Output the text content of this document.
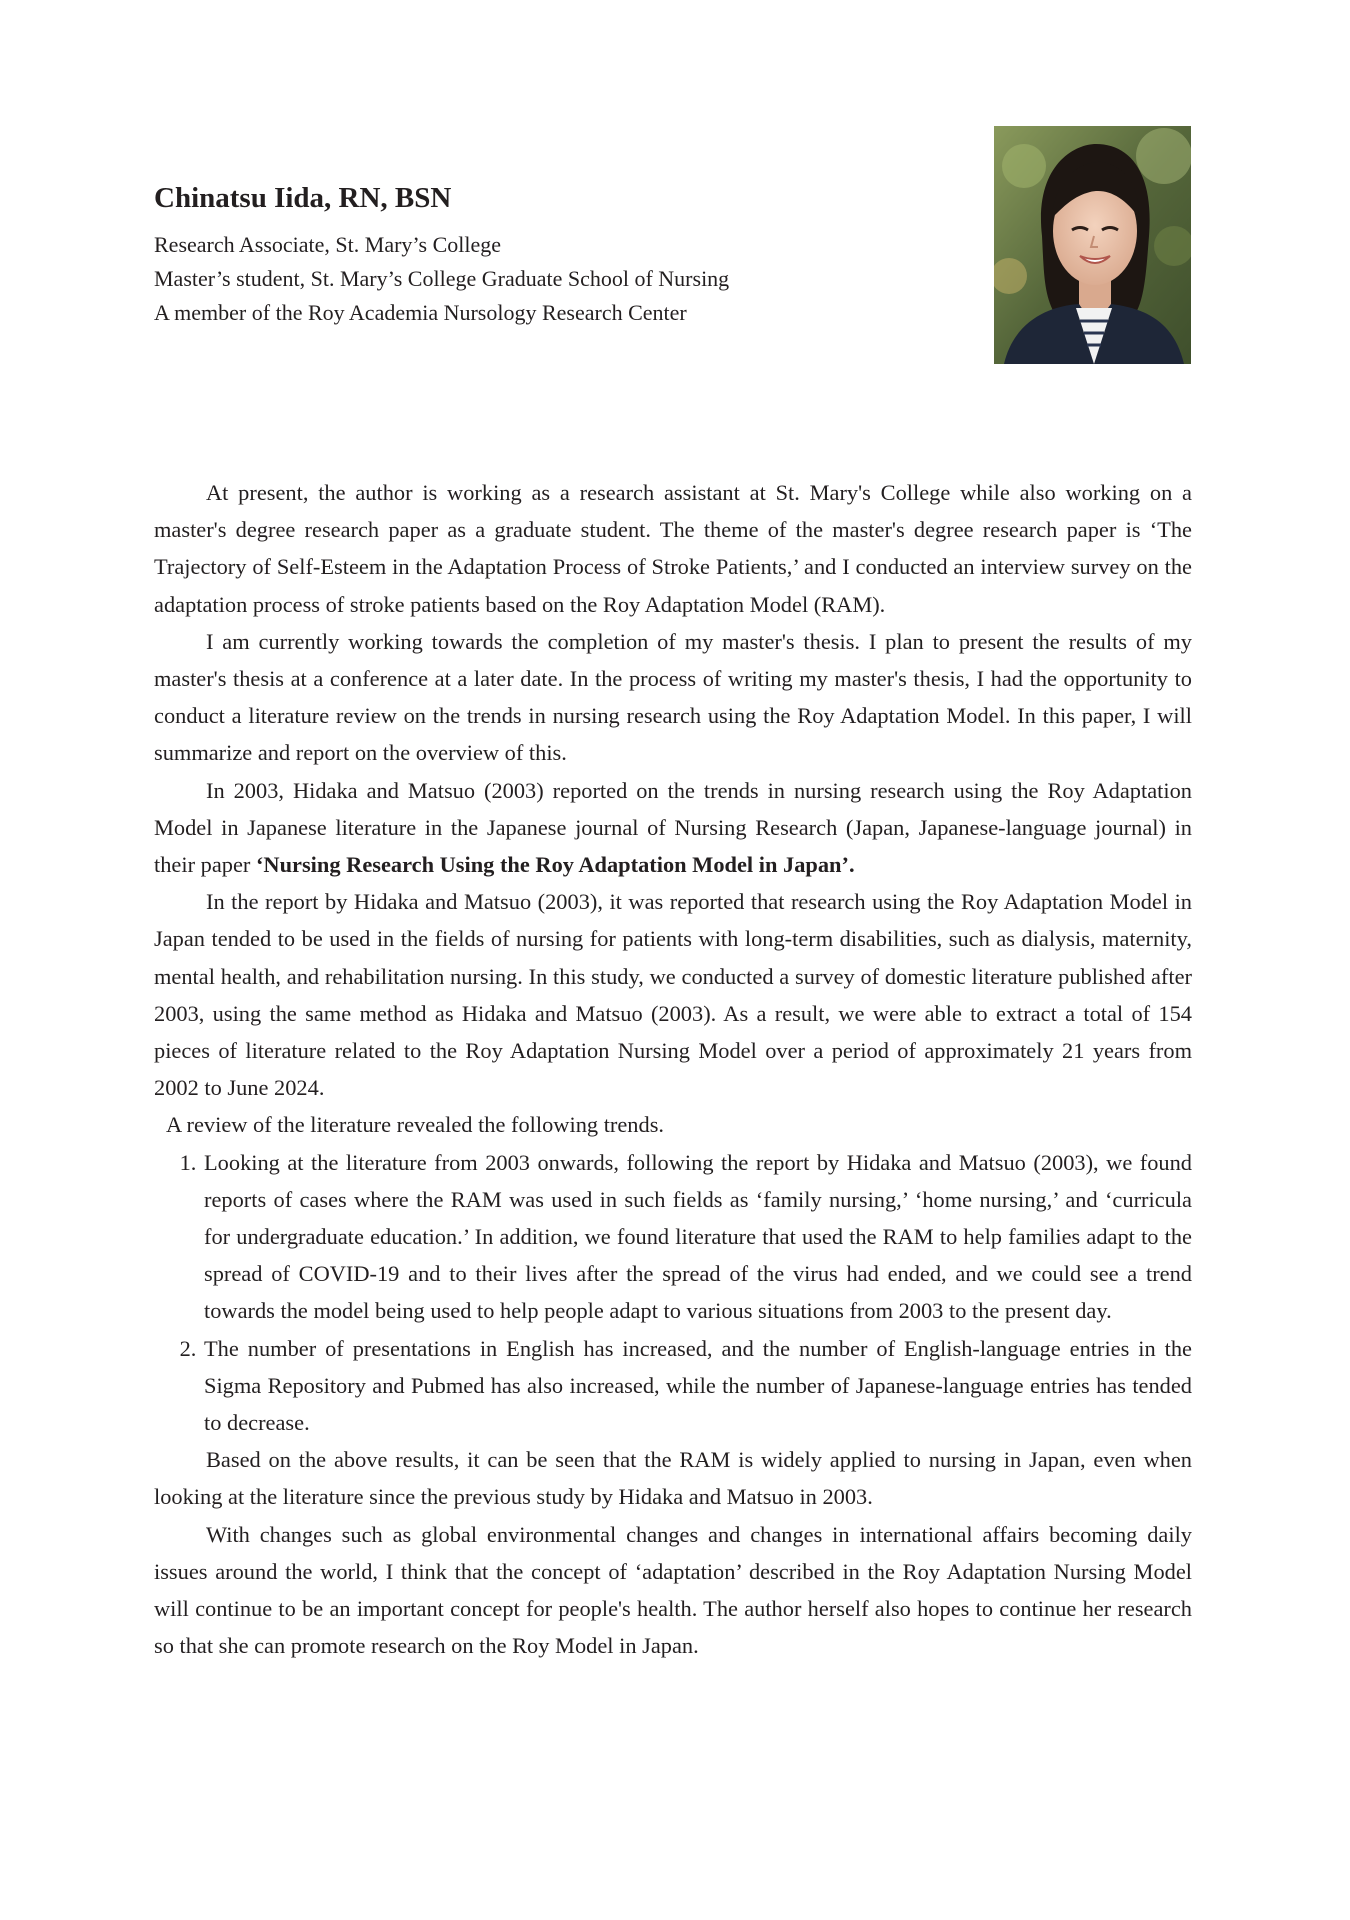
Chinatsu Iida, RN, BSN

Research Associate, St. Mary’s College

Master’s student, St. Mary’s College Graduate School of Nursing

A member of the Roy Academia Nursology Research Center

At present, the author is working as a research assistant at St. Mary's College while also working on a master's degree research paper as a graduate student. The theme of the master's degree research paper is ‘The Trajectory of Self-Esteem in the Adaptation Process of Stroke Patients,’ and I conducted an interview survey on the adaptation process of stroke patients based on the Roy Adaptation Model (RAM).

I am currently working towards the completion of my master's thesis. I plan to present the results of my master's thesis at a conference at a later date. In the process of writing my master's thesis, I had the opportunity to conduct a literature review on the trends in nursing research using the Roy Adaptation Model. In this paper, I will summarize and report on the overview of this.

In 2003, Hidaka and Matsuo (2003) reported on the trends in nursing research using the Roy Adaptation Model in Japanese literature in the Japanese journal of Nursing Research (Japan, Japanese-language journal) in their paper ‘Nursing Research Using the Roy Adaptation Model in Japan’.

In the report by Hidaka and Matsuo (2003), it was reported that research using the Roy Adaptation Model in Japan tended to be used in the fields of nursing for patients with long-term disabilities, such as dialysis, maternity, mental health, and rehabilitation nursing. In this study, we conducted a survey of domestic literature published after 2003, using the same method as Hidaka and Matsuo (2003). As a result, we were able to extract a total of 154 pieces of literature related to the Roy Adaptation Nursing Model over a period of approximately 21 years from 2002 to June 2024.

A review of the literature revealed the following trends.

1. Looking at the literature from 2003 onwards, following the report by Hidaka and Matsuo (2003), we found reports of cases where the RAM was used in such fields as ‘family nursing,’ ‘home nursing,’ and ‘curricula for undergraduate education.’ In addition, we found literature that used the RAM to help families adapt to the spread of COVID-19 and to their lives after the spread of the virus had ended, and we could see a trend towards the model being used to help people adapt to various situations from 2003 to the present day.
2. The number of presentations in English has increased, and the number of English-language entries in the Sigma Repository and Pubmed has also increased, while the number of Japanese-language entries has tended to decrease.

Based on the above results, it can be seen that the RAM is widely applied to nursing in Japan, even when looking at the literature since the previous study by Hidaka and Matsuo in 2003.

With changes such as global environmental changes and changes in international affairs becoming daily issues around the world, I think that the concept of ‘adaptation’ described in the Roy Adaptation Nursing Model will continue to be an important concept for people's health. The author herself also hopes to continue her research so that she can promote research on the Roy Model in Japan.
